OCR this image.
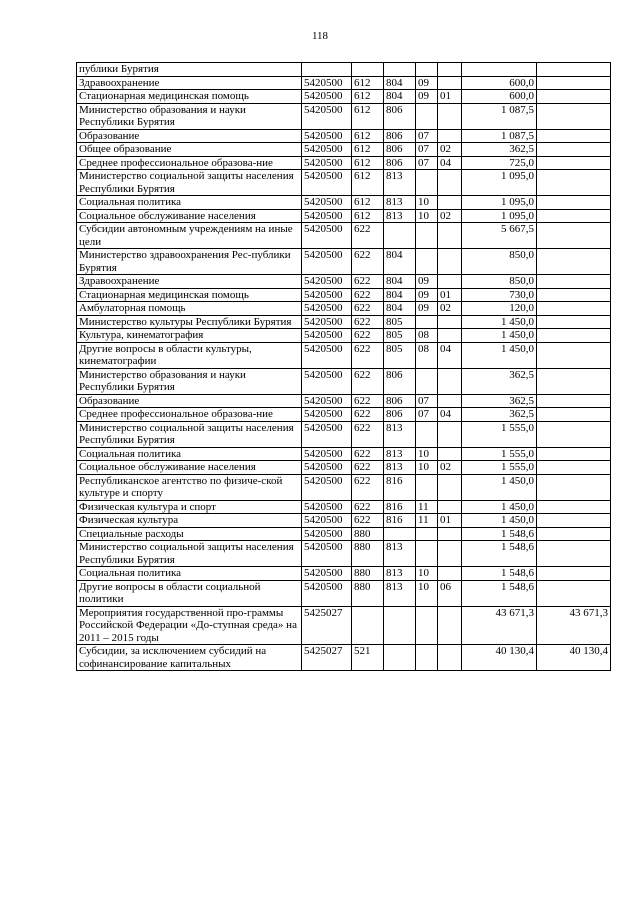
118
публики Бурятия							
Здравоохранение	5420500	612	804	09		600,0	
Стационарная медицинская помощь	5420500	612	804	09	01	600,0	
Министерство образования и науки Республики Бурятия	5420500	612	806			1 087,5	
Образование	5420500	612	806	07		1 087,5	
Общее образование	5420500	612	806	07	02	362,5	
Среднее профессиональное образова-ние	5420500	612	806	07	04	725,0	
Министерство социальной защиты населения Республики Бурятия	5420500	612	813			1 095,0	
Социальная политика	5420500	612	813	10		1 095,0	
Социальное обслуживание населения	5420500	612	813	10	02	1 095,0	
Субсидии автономным учреждениям на иные цели	5420500	622				5 667,5	
Министерство здравоохранения Рес-публики Бурятия	5420500	622	804			850,0	
Здравоохранение	5420500	622	804	09		850,0	
Стационарная медицинская помощь	5420500	622	804	09	01	730,0	
Амбулаторная помощь	5420500	622	804	09	02	120,0	
Министерство культуры Республики Бурятия	5420500	622	805			1 450,0	
Культура, кинематография	5420500	622	805	08		1 450,0	
Другие вопросы в области культуры, кинематографии	5420500	622	805	08	04	1 450,0	
Министерство образования и науки Республики Бурятия	5420500	622	806			362,5	
Образование	5420500	622	806	07		362,5	
Среднее профессиональное образова-ние	5420500	622	806	07	04	362,5	
Министерство социальной защиты населения Республики Бурятия	5420500	622	813			1 555,0	
Социальная политика	5420500	622	813	10		1 555,0	
Социальное обслуживание населения	5420500	622	813	10	02	1 555,0	
Республиканское агентство по физиче-ской культуре и спорту	5420500	622	816			1 450,0	
Физическая культура и спорт	5420500	622	816	11		1 450,0	
Физическая культура	5420500	622	816	11	01	1 450,0	
Специальные расходы	5420500	880				1 548,6	
Министерство социальной защиты населения Республики Бурятия	5420500	880	813			1 548,6	
Социальная политика	5420500	880	813	10		1 548,6	
Другие вопросы в области социальной политики	5420500	880	813	10	06	1 548,6	
Мероприятия государственной про-граммы Российской Федерации «До-ступная среда» на 2011 – 2015 годы	5425027					43 671,3	43 671,3
Субсидии, за исключением субсидий на софинансирование капитальных	5425027	521				40 130,4	40 130,4
